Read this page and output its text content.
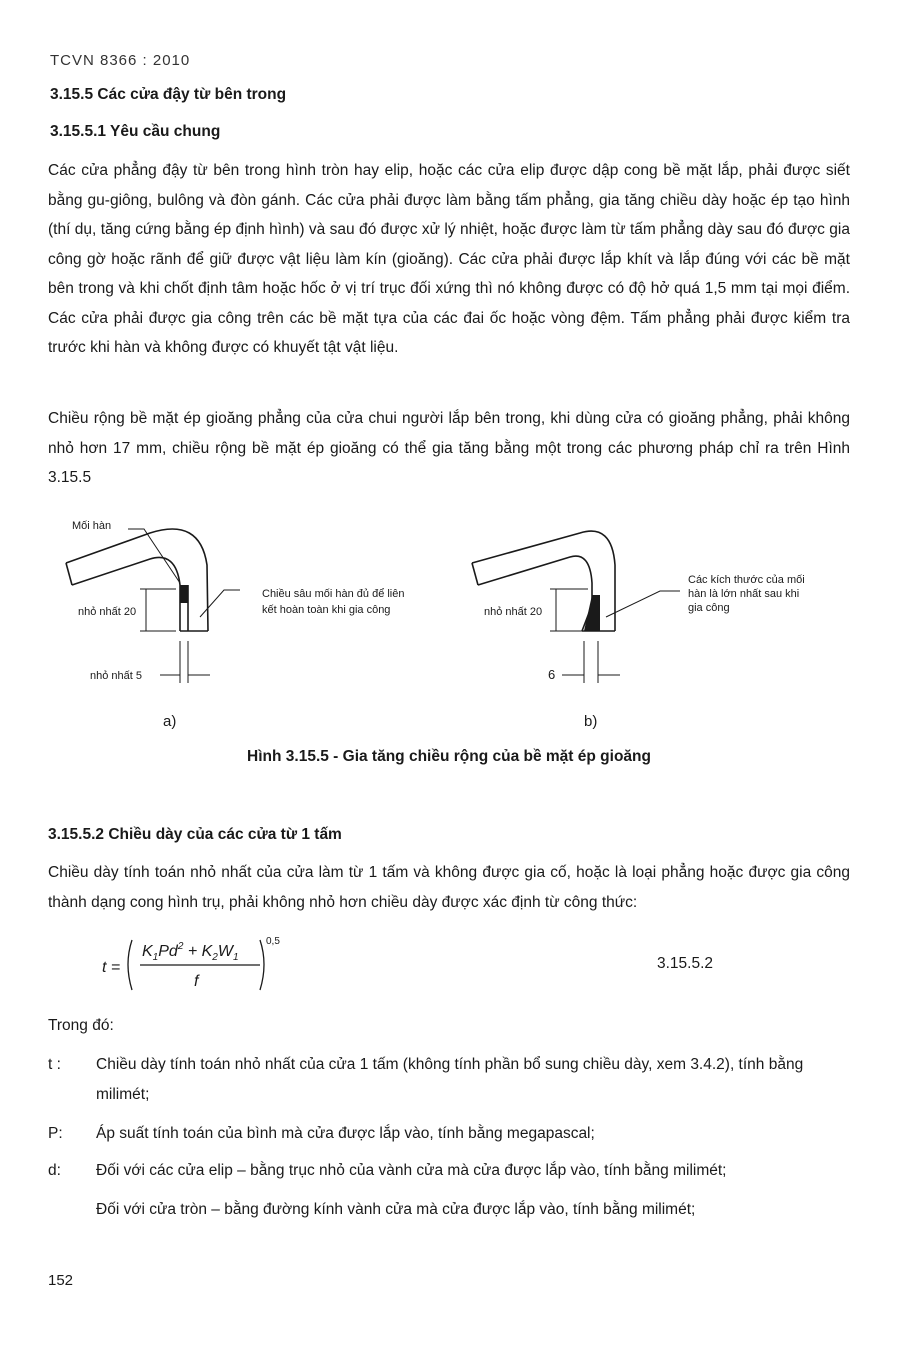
TCVN 8366 : 2010
3.15.5 Các cửa đậy từ bên trong
3.15.5.1 Yêu cầu chung
Các cửa phẳng đậy từ bên trong hình tròn hay elip, hoặc các cửa elip được dập cong bề mặt lắp, phải được siết bằng gu-giông, bulông và đòn gánh. Các cửa phải được làm bằng tấm phẳng, gia tăng chiều dày hoặc ép tạo hình (thí dụ, tăng cứng bằng ép định hình) và sau đó được xử lý nhiệt, hoặc được làm từ tấm phẳng dày sau đó được gia công gờ hoặc rãnh để giữ được vật liệu làm kín (gioăng). Các cửa phải được lắp khít và lắp đúng với các bề mặt bên trong và khi chốt định tâm hoặc hốc ở vị trí trục đối xứng thì nó không được có độ hở quá 1,5 mm tại mọi điểm. Các cửa phải được gia công trên các bề mặt tựa của các đai ốc hoặc vòng đệm. Tấm phẳng phải được kiểm tra trước khi hàn và không được có khuyết tật vật liệu.
Chiều rộng bề mặt ép gioăng phẳng của cửa chui người lắp bên trong, khi dùng cửa có gioăng phẳng, phải không nhỏ hơn 17 mm, chiều rộng bề mặt ép gioăng có thể gia tăng bằng một trong các phương pháp chỉ ra trên Hình 3.15.5
Mối hàn
Chiều sâu mối hàn đủ để liên
kết hoàn toàn khi gia công
nhỏ nhất 20
nhỏ nhất 5
a)
Các kích thước của mối
hàn là lớn nhất sau khi
gia công
nhỏ nhất 20
6
b)
Hình 3.15.5 - Gia tăng chiều rộng của bề mặt ép gioăng
3.15.5.2 Chiều dày của các cửa từ 1 tấm
Chiều dày tính toán nhỏ nhất của cửa làm từ 1 tấm và không được gia cố, hoặc là loại phẳng hoặc được gia công thành dạng cong hình trụ, phải không nhỏ hơn chiều dày được xác định từ công thức:
t =
$K_1Pd^2 + K_2W_1$
f
0,5
3.15.5.2
Trong đó:
t : Chiều dày tính toán nhỏ nhất của cửa 1 tấm (không tính phần bổ sung chiều dày, xem 3.4.2), tính bằng milimét;
P: Áp suất tính toán của bình mà cửa được lắp vào, tính bằng megapascal;
d: Đối với các cửa elip – bằng trục nhỏ của vành cửa mà cửa được lắp vào, tính bằng milimét;
Đối với cửa tròn – bằng đường kính vành cửa mà cửa được lắp vào, tính bằng milimét;
152
